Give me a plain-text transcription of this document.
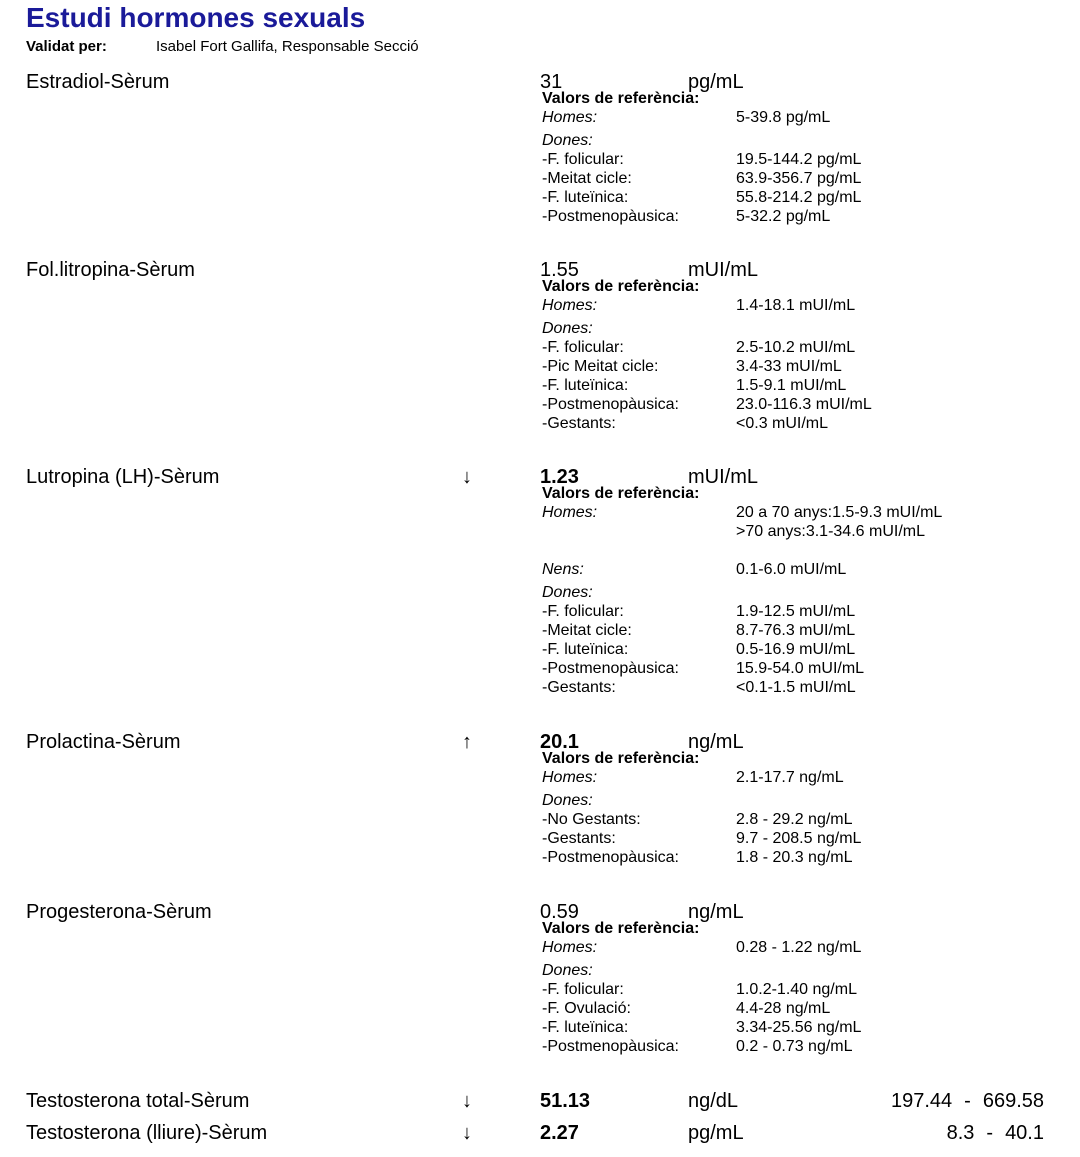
Estudi hormones sexuals
Validat per:	Isabel Fort Gallifa, Responsable Secció
Estradiol-Sèrum	31	pg/mL
Valors de referència:
Homes:	5-39.8 pg/mL
Dones:
-F. folicular:	19.5-144.2 pg/mL
-Meitat cicle:	63.9-356.7 pg/mL
-F. luteïnica:	55.8-214.2 pg/mL
-Postmenopàusica:	5-32.2 pg/mL
Fol.litropina-Sèrum	1.55	mUI/mL
Valors de referència:
Homes:	1.4-18.1 mUI/mL
Dones:
-F. folicular:	2.5-10.2 mUI/mL
-Pic Meitat cicle:	3.4-33 mUI/mL
-F. luteïnica:	1.5-9.1 mUI/mL
-Postmenopàusica:	23.0-116.3 mUI/mL
-Gestants:	<0.3 mUI/mL
Lutropina (LH)-Sèrum	↓	1.23	mUI/mL
Valors de referència:
Homes:	20 a 70 anys:1.5-9.3 mUI/mL
>70 anys:3.1-34.6 mUI/mL
Nens:	0.1-6.0 mUI/mL
Dones:
-F. folicular:	1.9-12.5 mUI/mL
-Meitat cicle:	8.7-76.3 mUI/mL
-F. luteïnica:	0.5-16.9 mUI/mL
-Postmenopàusica:	15.9-54.0 mUI/mL
-Gestants:	<0.1-1.5 mUI/mL
Prolactina-Sèrum	↑	20.1	ng/mL
Valors de referència:
Homes:	2.1-17.7 ng/mL
Dones:
-No Gestants:	2.8 - 29.2 ng/mL
-Gestants:	9.7 - 208.5 ng/mL
-Postmenopàusica:	1.8 - 20.3 ng/mL
Progesterona-Sèrum	0.59	ng/mL
Valors de referència:
Homes:	0.28 - 1.22 ng/mL
Dones:
-F. folicular:	1.0.2-1.40 ng/mL
-F. Ovulació:	4.4-28 ng/mL
-F. luteïnica:	3.34-25.56 ng/mL
-Postmenopàusica:	0.2 - 0.73 ng/mL
Testosterona total-Sèrum	↓	51.13	ng/dL	197.44 - 669.58
Testosterona (lliure)-Sèrum	↓	2.27	pg/mL	8.3 - 40.1
